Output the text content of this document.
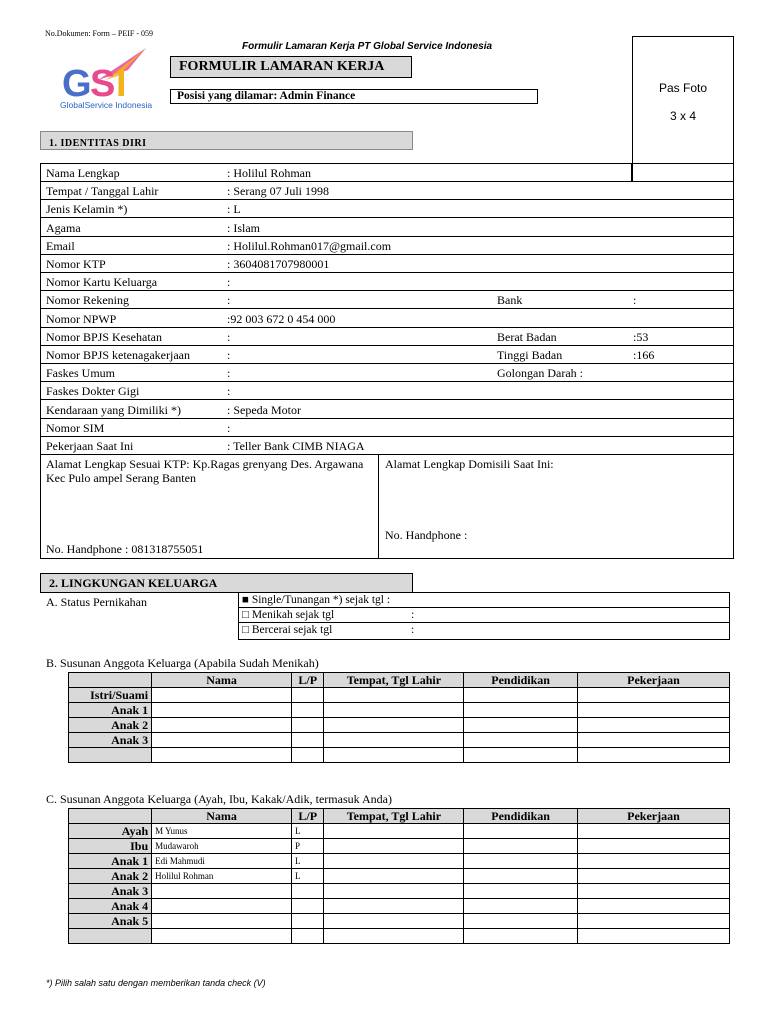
No.Dokumen: Form – PEIF - 059
Formulir Lamaran Kerja PT Global Service Indonesia
G
S I
GlobalService Indonesia
FORMULIR LAMARAN KERJA
Posisi yang dilamar: Admin Finance
Pas Foto
3 x 4
1. IDENTITAS DIRI
Nama Lengkap	: Holilul Rohman
Tempat / Tanggal Lahir	: Serang 07 Juli 1998
Jenis Kelamin *)	: L
Agama	: Islam
Email	: Holilul.Rohman017@gmail.com
Nomor KTP	: 3604081707980001
Nomor Kartu Keluarga	:
Nomor Rekening	:	Bank	:
Nomor NPWP	:92 003 672 0 454 000
Nomor BPJS Kesehatan	:	Berat Badan	:53
Nomor BPJS ketenagakerjaan	:	Tinggi Badan	:166
Faskes Umum	:	Golongan Darah :
Faskes Dokter Gigi	:
Kendaraan yang Dimiliki *)	: Sepeda Motor
Nomor SIM	:
Pekerjaan Saat Ini	: Teller Bank CIMB NIAGA
Alamat Lengkap Sesuai KTP: Kp.Ragas grenyang Des. Argawana Kec Pulo ampel Serang Banten
Alamat Lengkap Domisili Saat Ini:
No. Handphone : 081318755051
No. Handphone :
2. LINGKUNGAN KELUARGA
A. Status Pernikahan	■ Single/Tunangan *) sejak tgl :
□ Menikah sejak tgl	:
□ Bercerai sejak tgl	:
B. Susunan Anggota Keluarga (Apabila Sudah Menikah)
	Nama	L/P	Tempat, Tgl Lahir	Pendidikan	Pekerjaan
Istri/Suami					
Anak 1					
Anak 2					
Anak 3					

C. Susunan Anggota Keluarga (Ayah, Ibu, Kakak/Adik, termasuk Anda)
	Nama	L/P	Tempat, Tgl Lahir	Pendidikan	Pekerjaan
Ayah	M Yunus	L			
Ibu	Mudawaroh	P			
Anak 1	Edi Mahmudi	L			
Anak 2	Holilul Rohman	L			
Anak 3					
Anak 4					
Anak 5					

*) Pilih salah satu dengan memberikan tanda check (V)
